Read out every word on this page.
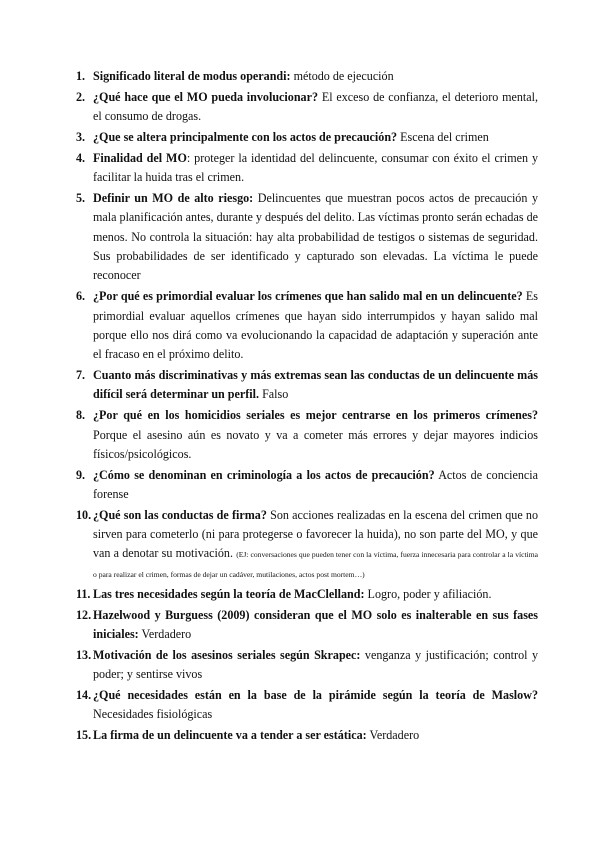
1. Significado literal de modus operandi: método de ejecución
2. ¿Qué hace que el MO pueda involucionar? El exceso de confianza, el deterioro mental, el consumo de drogas.
3. ¿Que se altera principalmente con los actos de precaución? Escena del crimen
4. Finalidad del MO: proteger la identidad del delincuente, consumar con éxito el crimen y facilitar la huida tras el crimen.
5. Definir un MO de alto riesgo: Delincuentes que muestran pocos actos de precaución y mala planificación antes, durante y después del delito. Las víctimas pronto serán echadas de menos. No controla la situación: hay alta probabilidad de testigos o sistemas de seguridad. Sus probabilidades de ser identificado y capturado son elevadas. La víctima le puede reconocer
6. ¿Por qué es primordial evaluar los crímenes que han salido mal en un delincuente? Es primordial evaluar aquellos crímenes que hayan sido interrumpidos y hayan salido mal porque ello nos dirá como va evolucionando la capacidad de adaptación y superación ante el fracaso en el próximo delito.
7. Cuanto más discriminativas y más extremas sean las conductas de un delincuente más difícil será determinar un perfil. Falso
8. ¿Por qué en los homicidios seriales es mejor centrarse en los primeros crímenes? Porque el asesino aún es novato y va a cometer más errores y dejar mayores indicios físicos/psicológicos.
9. ¿Cómo se denominan en criminología a los actos de precaución? Actos de conciencia forense
10. ¿Qué son las conductas de firma? Son acciones realizadas en la escena del crimen que no sirven para cometerlo (ni para protegerse o favorecer la huida), no son parte del MO, y que van a denotar su motivación. (EJ: conversaciones que pueden tener con la víctima, fuerza innecesaria para controlar a la víctima o para realizar el crimen, formas de dejar un cadáver, mutilaciones, actos post mortem…)
11. Las tres necesidades según la teoría de MacClelland: Logro, poder y afiliación.
12. Hazelwood y Burguess (2009) consideran que el MO solo es inalterable en sus fases iniciales: Verdadero
13. Motivación de los asesinos seriales según Skrapec: venganza y justificación; control y poder; y sentirse vivos
14. ¿Qué necesidades están en la base de la pirámide según la teoría de Maslow? Necesidades fisiológicas
15. La firma de un delincuente va a tender a ser estática: Verdadero
